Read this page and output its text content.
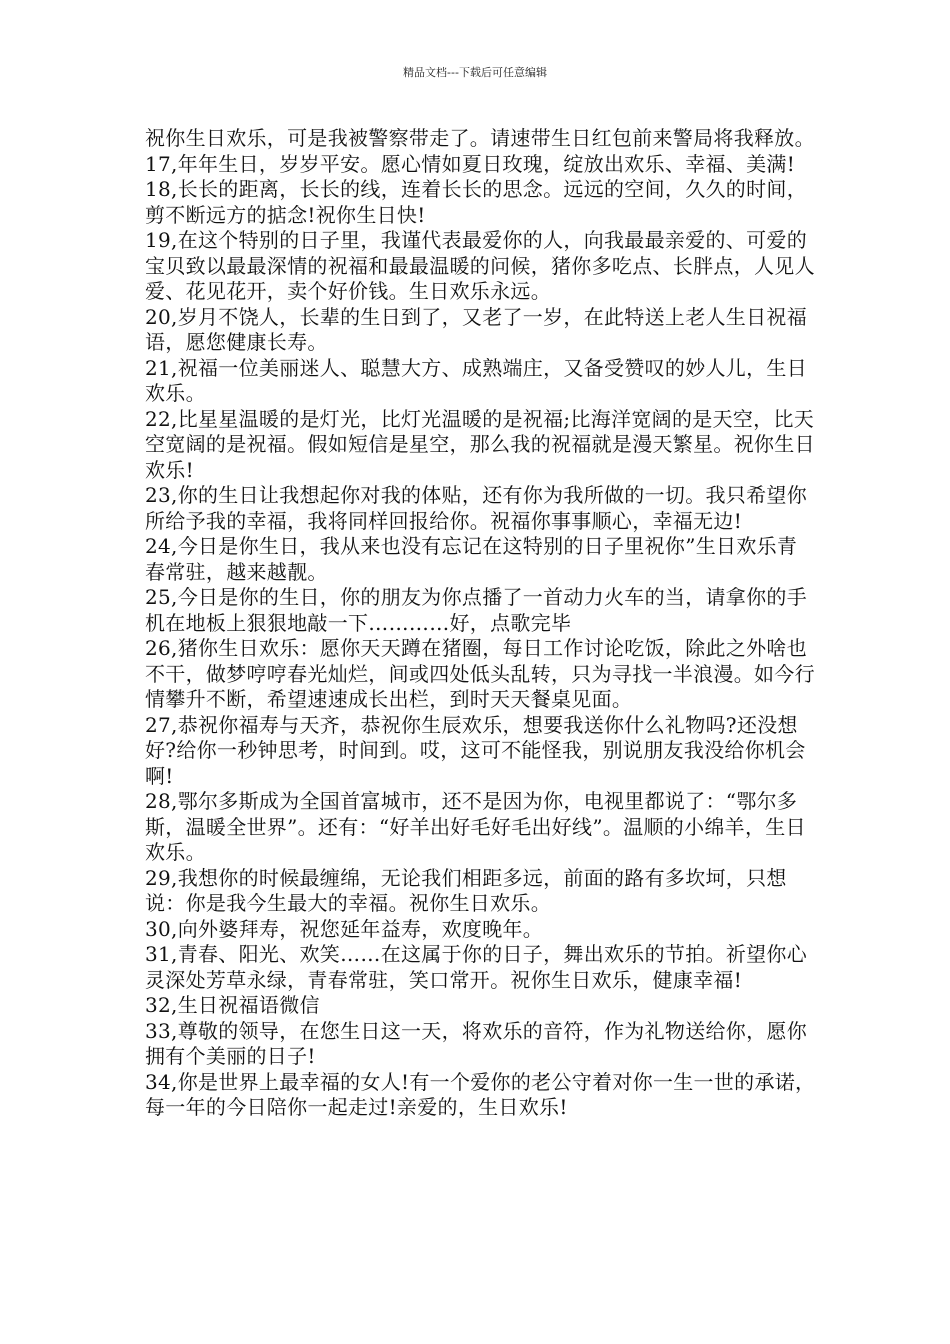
精品文档---下载后可任意编辑

祝你生日欢乐，可是我被警察带走了。请速带生日红包前来警局将我释放。

17,年年生日，岁岁平安。愿心情如夏日玫瑰，绽放出欢乐、幸福、美满!

18,长长的距离，长长的线，连着长长的思念。远远的空间，久久的时间，剪不断远方的掂念!祝你生日快!

19,在这个特别的日子里，我谨代表最爱你的人，向我最最亲爱的、可爱的宝贝致以最最深情的祝福和最最温暖的问候，猪你多吃点、长胖点，人见人爱、花见花开，卖个好价钱。生日欢乐永远。

20,岁月不饶人，长辈的生日到了，又老了一岁，在此特送上老人生日祝福语，愿您健康长寿。

21,祝福一位美丽迷人、聪慧大方、成熟端庄，又备受赞叹的妙人儿，生日欢乐。

22,比星星温暖的是灯光，比灯光温暖的是祝福;比海洋宽阔的是天空，比天空宽阔的是祝福。假如短信是星空，那么我的祝福就是漫天繁星。祝你生日欢乐!

23,你的生日让我想起你对我的体贴，还有你为我所做的一切。我只希望你所给予我的幸福，我将同样回报给你。祝福你事事顺心，幸福无边!

24,今日是你生日，我从来也没有忘记在这特别的日子里祝你”生日欢乐青春常驻，越来越靓。

25,今日是你的生日，你的朋友为你点播了一首动力火车的当，请拿你的手机在地板上狠狠地敲一下…………好，点歌完毕

26,猪你生日欢乐：愿你天天蹲在猪圈，每日工作讨论吃饭，除此之外啥也不干，做梦哼哼春光灿烂，间或四处低头乱转，只为寻找一半浪漫。如今行情攀升不断，希望速速成长出栏，到时天天餐桌见面。

27,恭祝你福寿与天齐，恭祝你生辰欢乐，想要我送你什么礼物吗?还没想好?给你一秒钟思考，时间到。哎，这可不能怪我，别说朋友我没给你机会啊!

28,鄂尔多斯成为全国首富城市，还不是因为你，电视里都说了：“鄂尔多斯，温暖全世界”。还有：“好羊出好毛好毛出好线”。温顺的小绵羊，生日欢乐。

29,我想你的时候最缠绵，无论我们相距多远，前面的路有多坎坷，只想说：你是我今生最大的幸福。祝你生日欢乐。

30,向外婆拜寿，祝您延年益寿，欢度晚年。

31,青春、阳光、欢笑……在这属于你的日子，舞出欢乐的节拍。祈望你心灵深处芳草永绿，青春常驻，笑口常开。祝你生日欢乐，健康幸福!

32,生日祝福语微信

33,尊敬的领导，在您生日这一天，将欢乐的音符，作为礼物送给你，愿你拥有个美丽的日子!

34,你是世界上最幸福的女人!有一个爱你的老公守着对你一生一世的承诺，每一年的今日陪你一起走过!亲爱的，生日欢乐!
